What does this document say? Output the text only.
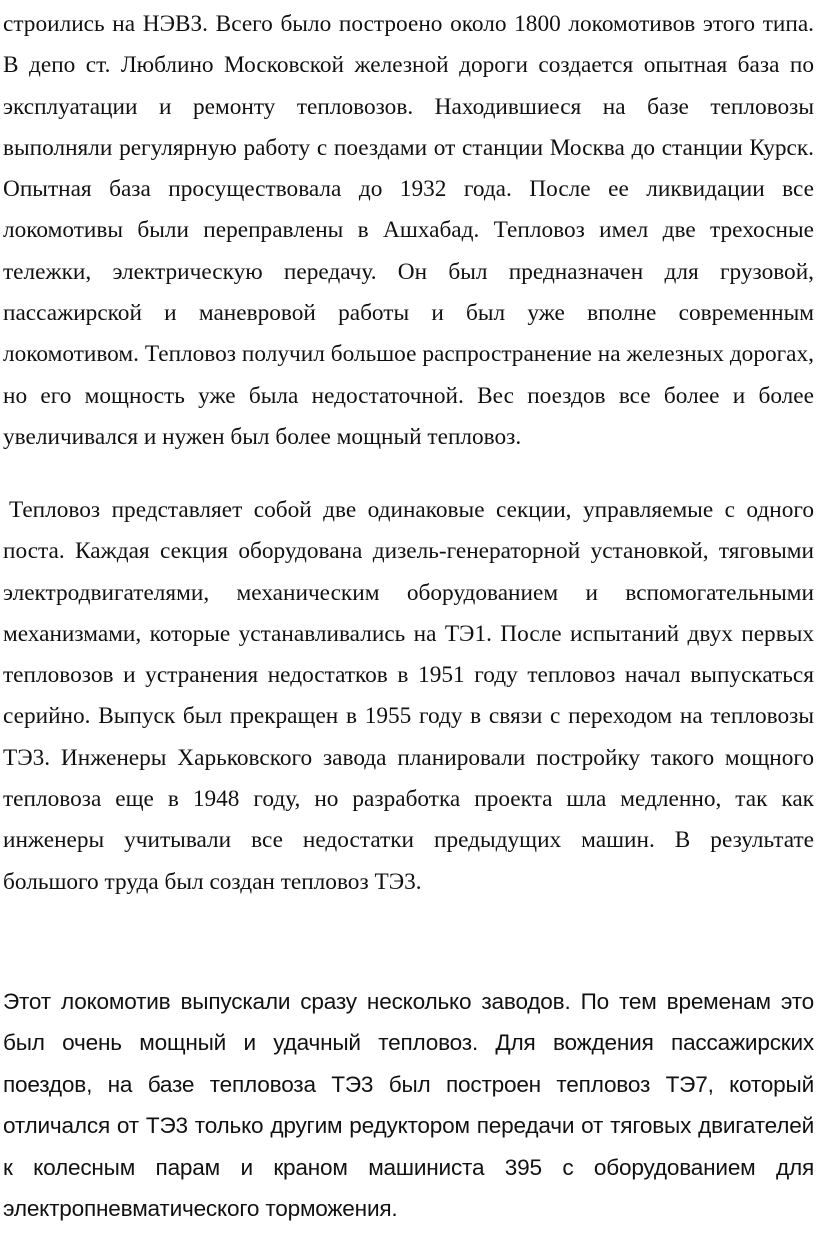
строились на НЭВЗ. Всего было построено около 1800 локомотивов этого типа. В депо ст. Люблино Московской железной дороги создается опытная база по эксплуатации и ремонту тепловозов. Находившиеся на базе тепловозы выполняли регулярную работу с поездами от станции Москва до станции Курск. Опытная база просуществовала до 1932 года. После ее ликвидации все локомотивы были переправлены в Ашхабад. Тепловоз имел две трехосные тележки, электрическую передачу. Он был предназначен для грузовой, пассажирской и маневровой работы и был уже вполне современным локомотивом. Тепловоз получил большое распространение на железных дорогах, но его мощность уже была недостаточной. Вес поездов все более и более увеличивался и нужен был более мощный тепловоз.

Тепловоз представляет собой две одинаковые секции, управляемые с одного поста. Каждая секция оборудована дизель-генераторной установкой, тяговыми электродвигателями, механическим оборудованием и вспомогательными механизмами, которые устанавливались на ТЭ1. После испытаний двух первых тепловозов и устранения недостатков в 1951 году тепловоз начал выпускаться серийно. Выпуск был прекращен в 1955 году в связи с переходом на тепловозы ТЭ3. Инженеры Харьковского завода планировали постройку такого мощного тепловоза еще в 1948 году, но разработка проекта шла медленно, так как инженеры учитывали все недостатки предыдущих машин. В результате большого труда был создан тепловоз ТЭ3.

Этот локомотив выпускали сразу несколько заводов. По тем временам это был очень мощный и удачный тепловоз. Для вождения пассажирских поездов, на базе тепловоза ТЭ3 был построен тепловоз ТЭ7, который отличался от ТЭ3 только другим редуктором передачи от тяговых двигателей к колесным парам и краном машиниста 395 с оборудованием для электропневматического торможения.
